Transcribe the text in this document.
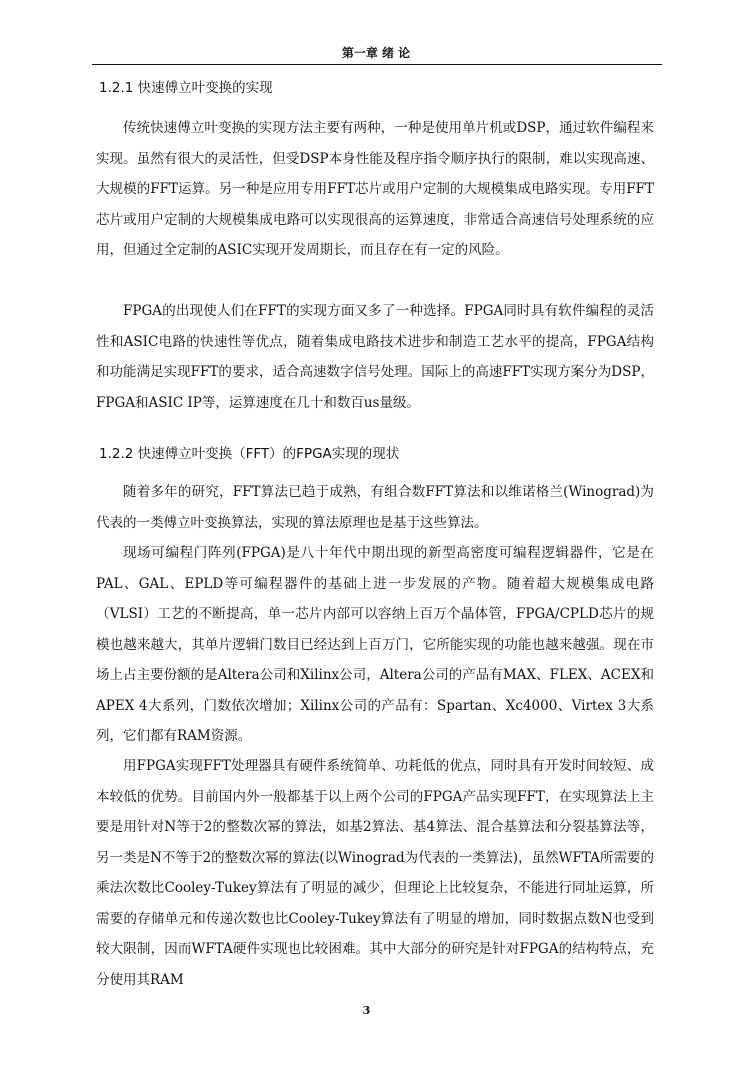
第一章 绪 论
1.2.1 快速傅立叶变换的实现

传统快速傅立叶变换的实现方法主要有两种，一种是使用单片机或DSP，通过软件编程来实现。虽然有很大的灵活性，但受DSP本身性能及程序指令顺序执行的限制，难以实现高速、大规模的FFT运算。另一种是应用专用FFT芯片或用户定制的大规模集成电路实现。专用FFT芯片或用户定制的大规模集成电路可以实现很高的运算速度，非常适合高速信号处理系统的应用，但通过全定制的ASIC实现开发周期长，而且存在有一定的风险。

FPGA的出现使人们在FFT的实现方面又多了一种选择。FPGA同时具有软件编程的灵活性和ASIC电路的快速性等优点，随着集成电路技术进步和制造工艺水平的提高，FPGA结构和功能满足实现FFT的要求，适合高速数字信号处理。国际上的高速FFT实现方案分为DSP，FPGA和ASIC IP等，运算速度在几十和数百us量级。

1.2.2 快速傅立叶变换（FFT）的FPGA实现的现状

随着多年的研究，FFT算法已趋于成熟，有组合数FFT算法和以维诺格兰(Winograd)为代表的一类傅立叶变换算法，实现的算法原理也是基于这些算法。

现场可编程门阵列(FPGA)是八十年代中期出现的新型高密度可编程逻辑器件，它是在PAL、GAL、EPLD等可编程器件的基础上进一步发展的产物。随着超大规模集成电路（VLSI）工艺的不断提高，单一芯片内部可以容纳上百万个晶体管，FPGA/CPLD芯片的规模也越来越大，其单片逻辑门数目已经达到上百万门，它所能实现的功能也越来越强。现在市场上占主要份额的是Altera公司和Xilinx公司，Altera公司的产品有MAX、FLEX、ACEX和APEX 4大系列，门数依次增加；Xilinx公司的产品有：Spartan、Xc4000、Virtex 3大系列，它们都有RAM资源。

用FPGA实现FFT处理器具有硬件系统简单、功耗低的优点，同时具有开发时间较短、成本较低的优势。目前国内外一般都基于以上两个公司的FPGA产品实现FFT，在实现算法上主要是用针对N等于2的整数次幂的算法，如基2算法、基4算法、混合基算法和分裂基算法等，另一类是N不等于2的整数次幂的算法(以Winograd为代表的一类算法)，虽然WFTA所需要的乘法次数比Cooley-Tukey算法有了明显的减少，但理论上比较复杂，不能进行同址运算，所需要的存储单元和传递次数也比Cooley-Tukey算法有了明显的增加，同时数据点数N也受到较大限制，因而WFTA硬件实现也比较困难。其中大部分的研究是针对FPGA的结构特点，充分使用其RAM

3
